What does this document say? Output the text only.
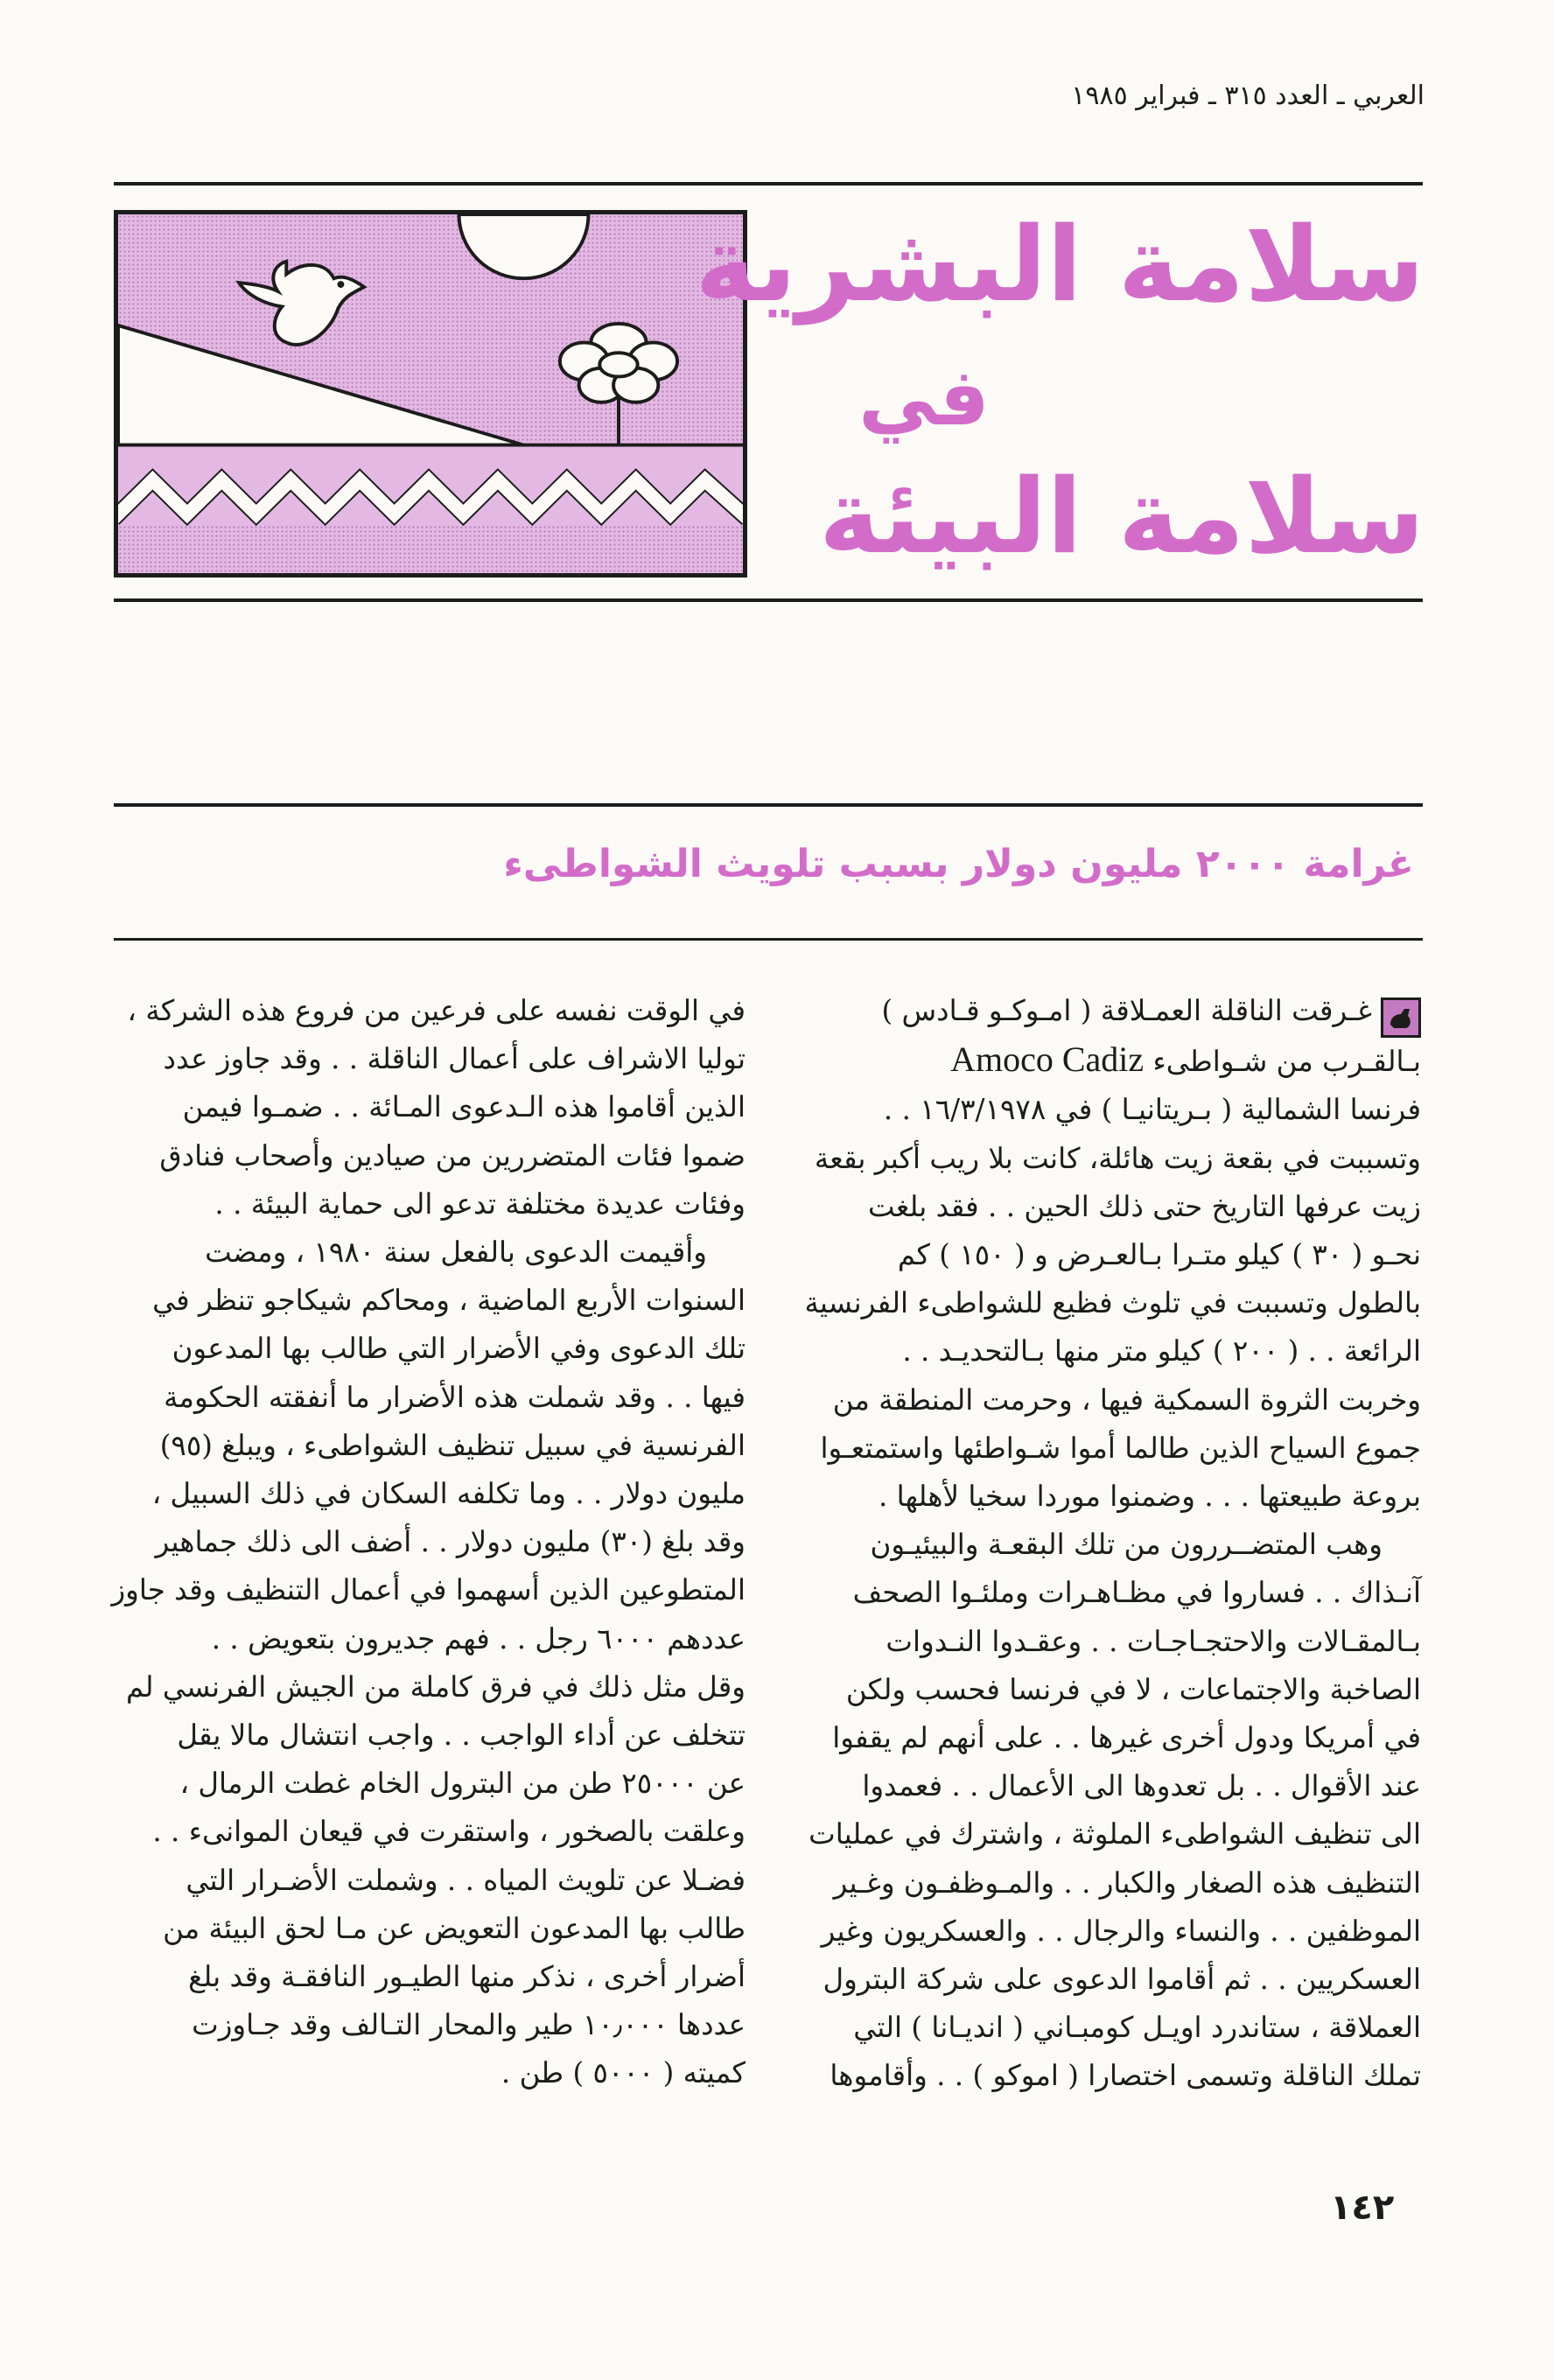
العربي ـ العدد ٣١٥ ـ فبراير ١٩٨٥
سلامة البشرية
في
سلامة البيئة
غرامة ٢٠٠٠ مليون دولار بسبب تلويث الشواطىء

غـرقت الناقلة العمـلاقة ( امـوكـو قـادس )

بـالقـرب من شـواطىء Amoco Cadiz

فرنسا الشمالية ( بـريتانيـا ) في ١٦/٣/١٩٧٨ . .

وتسببت في بقعة زيت هائلة، كانت بلا ريب أكبر بقعة

زيت عرفها التاريخ حتى ذلك الحين . . فقد بلغت

نحـو ( ٣٠ ) كيلو متـرا بـالعـرض و ( ١٥٠ ) كم

بالطول وتسببت في تلوث فظيع للشواطىء الفرنسية

الرائعة . . ( ٢٠٠ ) كيلو متر منها بـالتحديـد . .

وخربت الثروة السمكية فيها ، وحرمت المنطقة من

جموع السياح الذين طالما أموا شـواطئها واستمتعـوا

بروعة طبيعتها . . . وضمنوا موردا سخيا لأهلها .

وهب المتضــررون من تلك البقعـة والبيئيـون

آنـذاك . . فساروا في مظـاهـرات وملئـوا الصحف

بـالمقـالات والاحتجـاجـات . . وعقـدوا النـدوات

الصاخبة والاجتماعات ، لا في فرنسا فحسب ولكن

في أمريكا ودول أخرى غيرها . . على أنهم لم يقفوا

عند الأقوال . . بل تعدوها الى الأعمال . . فعمدوا

الى تنظيف الشواطىء الملوثة ، واشترك في عمليات

التنظيف هذه الصغار والكبار . . والمـوظفـون وغـير

الموظفين . . والنساء والرجال . . والعسكريون وغير

العسكريين . . ثم أقاموا الدعوى على شركة البترول

العملاقة ، ستاندرد اويـل كومبـاني ( انديـانا ) التي

تملك الناقلة وتسمى اختصارا ( اموكو ) . . وأقاموها

في الوقت نفسه على فرعين من فروع هذه الشركة ،

توليا الاشراف على أعمال الناقلة . . وقد جاوز عدد

الذين أقاموا هذه الـدعوى المـائة . . ضمـوا فيمن

ضموا فئات المتضررين من صيادين وأصحاب فنادق

وفئات عديدة مختلفة تدعو الى حماية البيئة . .

وأقيمت الدعوى بالفعل سنة ١٩٨٠ ، ومضت

السنوات الأربع الماضية ، ومحاكم شيكاجو تنظر في

تلك الدعوى وفي الأضرار التي طالب بها المدعون

فيها . . وقد شملت هذه الأضرار ما أنفقته الحكومة

الفرنسية في سبيل تنظيف الشواطىء ، ويبلغ (٩٥)

مليون دولار . . وما تكلفه السكان في ذلك السبيل ،

وقد بلغ (٣٠) مليون دولار . . أضف الى ذلك جماهير

المتطوعين الذين أسهموا في أعمال التنظيف وقد جاوز

عددهم ٦٠٠٠ رجل . . فهم جديرون بتعويض . .

وقل مثل ذلك في فرق كاملة من الجيش الفرنسي لم

تتخلف عن أداء الواجب . . واجب انتشال مالا يقل

عن ٢٥٠٠٠ طن من البترول الخام غطت الرمال ،

وعلقت بالصخور ، واستقرت في قيعان الموانىء . .

فضـلا عن تلويث المياه . . وشملت الأضـرار التي

طالب بها المدعون التعويض عن مـا لحق البيئة من

أضرار أخرى ، نذكر منها الطيـور النافقـة وقد بلغ

عددها ١٠٫٠٠٠ طير والمحار التـالف وقد جـاوزت

كميته ( ٥٠٠٠ ) طن .

١٤٢
